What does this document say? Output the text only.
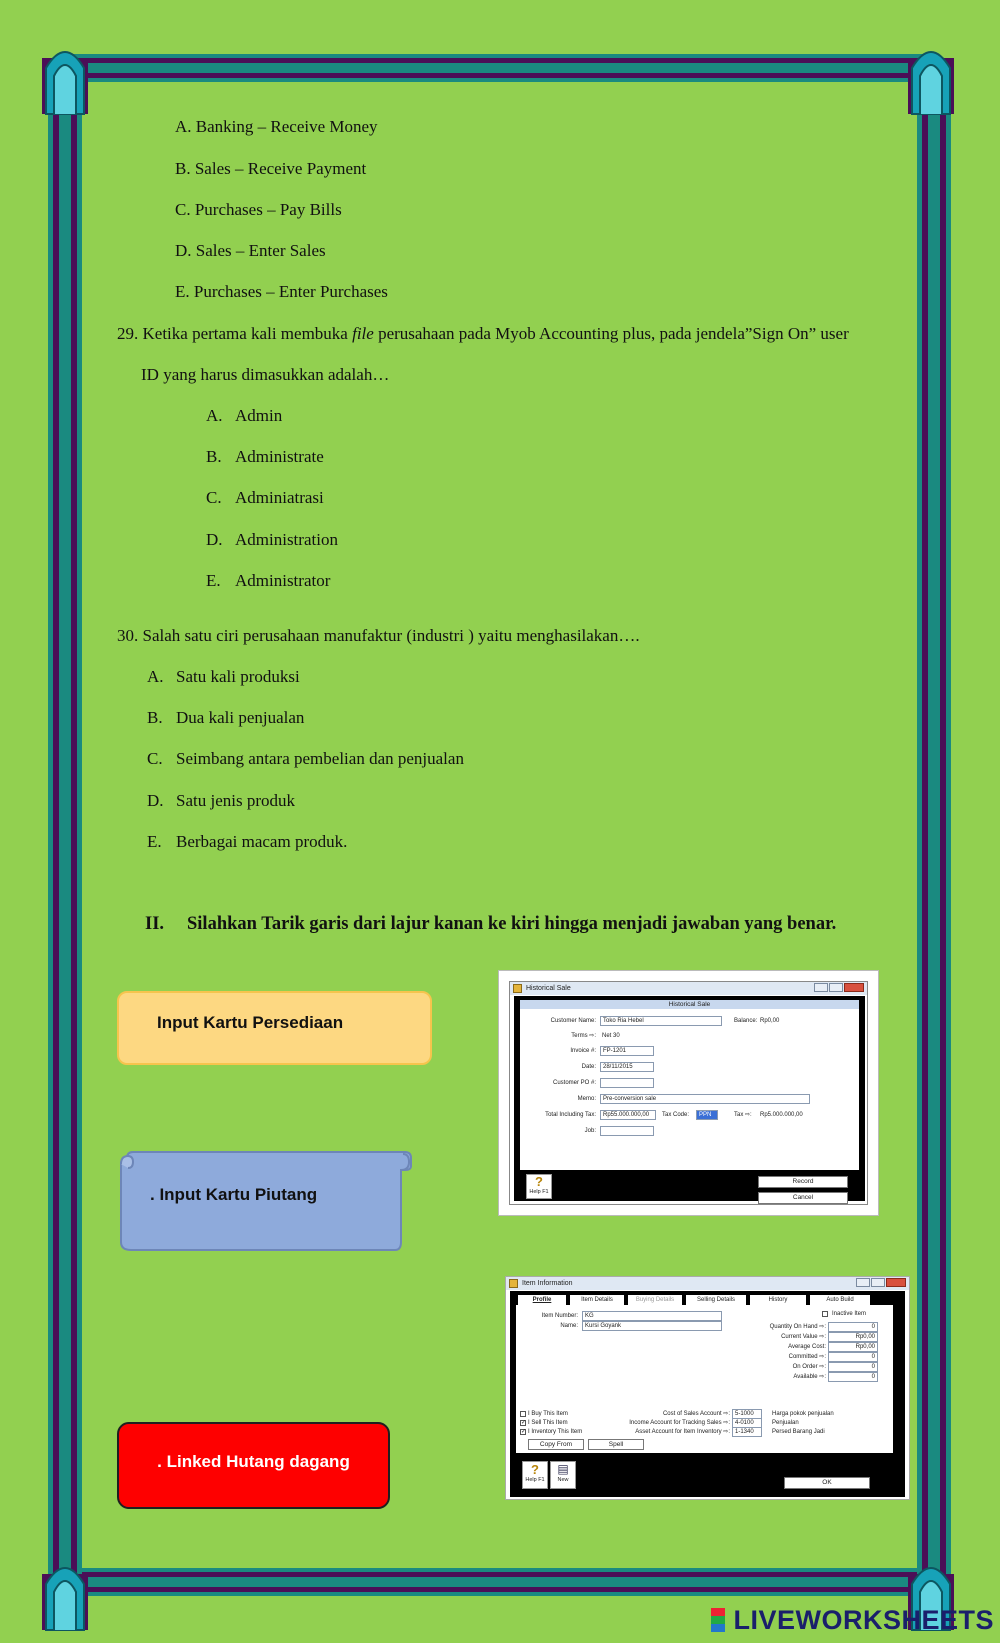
A. Banking – Receive Money
B. Sales – Receive Payment
C. Purchases – Pay Bills
D. Sales – Enter Sales
E. Purchases – Enter Purchases
29. Ketika pertama kali membuka file perusahaan pada Myob Accounting plus, pada jendela”Sign On” user
ID yang harus dimasukkan adalah…
A. Admin
B. Administrate
C. Adminiatrasi
D. Administration
E. Administrator
30. Salah satu ciri perusahaan manufaktur (industri ) yaitu menghasilakan….
A. Satu kali produksi
B. Dua kali penjualan
C. Seimbang antara pembelian dan penjualan
D. Satu jenis produk
E. Berbagai macam produk.
II. Silahkan Tarik garis dari lajur kanan ke kiri hingga menjadi jawaban yang benar.
Input Kartu Persediaan
. Input Kartu Piutang
. Linked Hutang dagang
Historical Sale
Historical Sale
Customer Name:	Toko Ria Hebel	Balance: Rp0,00
Terms ⇨: Net 30
Invoice #:	FP-1201
Date:	28/11/2015
Customer PO #:
Memo:	Pre-conversion sale
Total Including Tax:	Rp55.000.000,00	Tax Code:	PPN	Tax ⇨: Rp5.000.000,00
Job:
?
Help F1
Record
Cancel
Item Information
Profile	Item Details	Buying Details	Selling Details	History	Auto Build
Item Number:	KG
Name:	Kursi Goyank
Inactive Item
Quantity On Hand ⇨:	0
Current Value ⇨:	Rp0,00
Average Cost:	Rp0,00
Committed ⇨:	0
On Order ⇨:	0
Available ⇨:	0
I Buy This Item
✓ I Sell This Item
✓ I Inventory This Item
Cost of Sales Account ⇨: 5-1000	Harga pokok penjualan
Income Account for Tracking Sales ⇨: 4-0100	Penjualan
Asset Account for Item Inventory ⇨: 1-1340	Persed Barang Jadi
Copy From	Spell
?
Help F1
▤
New	OK
LIVEWORKSHEETS
